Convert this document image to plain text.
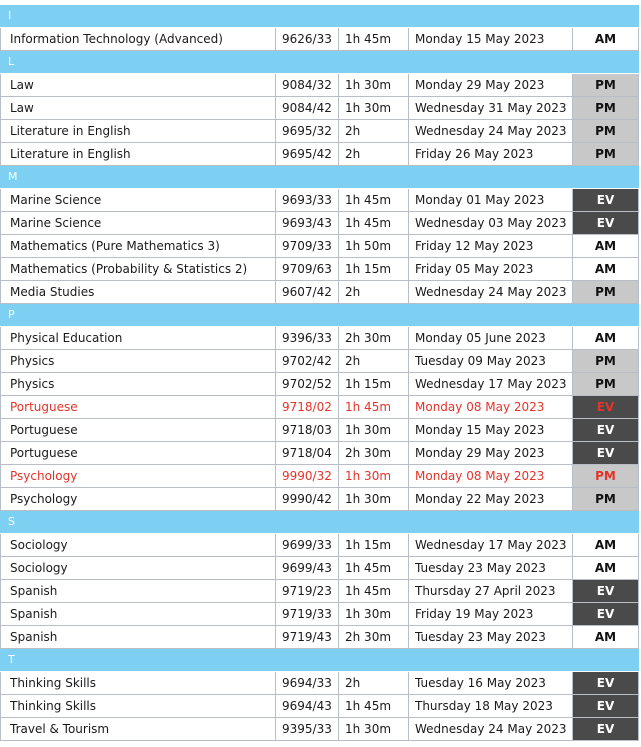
I
Information Technology (Advanced)	9626/33	1h 45m	Monday 15 May 2023	AM
L
Law	9084/32	1h 30m	Monday 29 May 2023	PM
Law	9084/42	1h 30m	Wednesday 31 May 2023	PM
Literature in English	9695/32	2h	Wednesday 24 May 2023	PM
Literature in English	9695/42	2h	Friday 26 May 2023	PM
M
Marine Science	9693/33	1h 45m	Monday 01 May 2023	EV
Marine Science	9693/43	1h 45m	Wednesday 03 May 2023	EV
Mathematics (Pure Mathematics 3)	9709/33	1h 50m	Friday 12 May 2023	AM
Mathematics (Probability & Statistics 2)	9709/63	1h 15m	Friday 05 May 2023	AM
Media Studies	9607/42	2h	Wednesday 24 May 2023	PM
P
Physical Education	9396/33	2h 30m	Monday 05 June 2023	AM
Physics	9702/42	2h	Tuesday 09 May 2023	PM
Physics	9702/52	1h 15m	Wednesday 17 May 2023	PM
Portuguese	9718/02	1h 45m	Monday 08 May 2023	EV
Portuguese	9718/03	1h 30m	Monday 15 May 2023	EV
Portuguese	9718/04	2h 30m	Monday 29 May 2023	EV
Psychology	9990/32	1h 30m	Monday 08 May 2023	PM
Psychology	9990/42	1h 30m	Monday 22 May 2023	PM
S
Sociology	9699/33	1h 15m	Wednesday 17 May 2023	AM
Sociology	9699/43	1h 45m	Tuesday 23 May 2023	AM
Spanish	9719/23	1h 45m	Thursday 27 April 2023	EV
Spanish	9719/33	1h 30m	Friday 19 May 2023	EV
Spanish	9719/43	2h 30m	Tuesday 23 May 2023	AM
T
Thinking Skills	9694/33	2h	Tuesday 16 May 2023	EV
Thinking Skills	9694/43	1h 45m	Thursday 18 May 2023	EV
Travel & Tourism	9395/33	1h 30m	Wednesday 24 May 2023	EV
